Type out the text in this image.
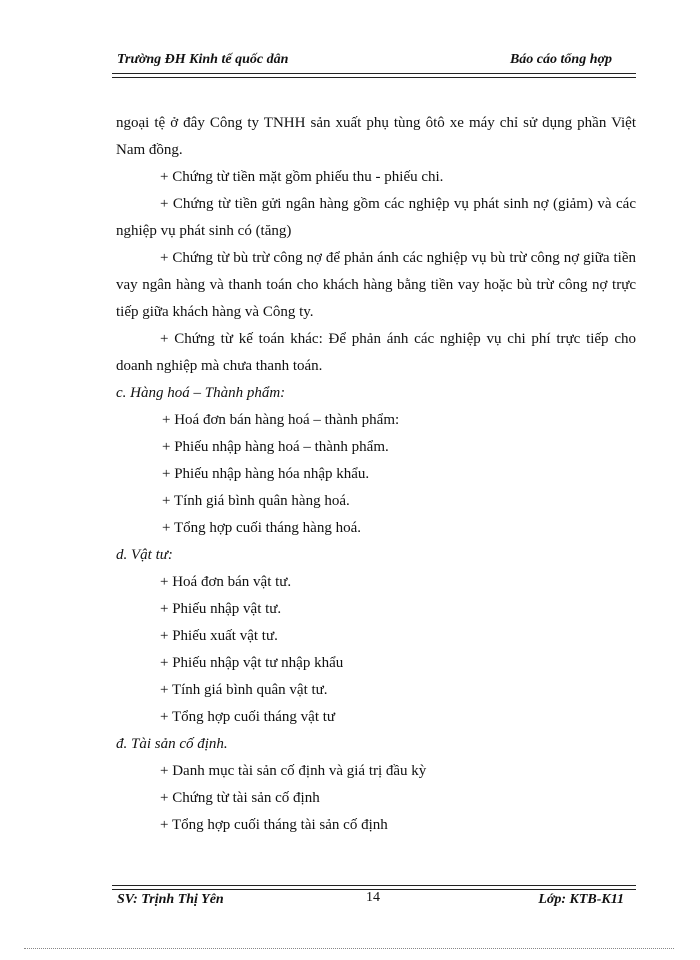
Trường ĐH Kinh tế quốc dân	Báo cáo tổng hợp

ngoại tệ ở đây Công ty TNHH sản xuất phụ tùng ôtô xe máy chỉ sử dụng phần Việt Nam đồng.

+ Chứng từ tiền mặt gồm phiếu thu - phiếu chi.

+ Chứng từ tiền gửi ngân hàng gồm các nghiệp vụ phát sinh nợ (giảm) và các nghiệp vụ phát sinh có (tăng)

+ Chứng từ bù trừ công nợ để phản ánh các nghiệp vụ bù trừ công nợ giữa tiền vay ngân hàng và thanh toán cho khách hàng bằng tiền vay hoặc bù trừ công nợ trực tiếp giữa khách hàng và Công ty.

+ Chứng từ kế toán khác: Để phản ánh các nghiệp vụ chi phí trực tiếp cho doanh nghiệp mà chưa thanh toán.

c. Hàng hoá – Thành phẩm:

+ Hoá đơn bán hàng hoá – thành phẩm:

+ Phiếu nhập hàng hoá – thành phẩm.

+ Phiếu nhập hàng hóa nhập khẩu.

+ Tính giá bình quân hàng hoá.

+ Tổng hợp cuối tháng hàng hoá.

d. Vật tư:

+ Hoá đơn bán vật tư.

+ Phiếu nhập vật tư.

+ Phiếu xuất vật tư.

+ Phiếu nhập vật tư nhập khẩu

+ Tính giá bình quân vật tư.

+ Tổng hợp cuối tháng vật tư

đ. Tài sản cố định.

+ Danh mục tài sản cố định và giá trị đầu kỳ

+ Chứng từ tài sản cố định

+ Tổng hợp cuối tháng tài sản cố định

SV: Trịnh Thị Yên	14	Lớp: KTB-K11
